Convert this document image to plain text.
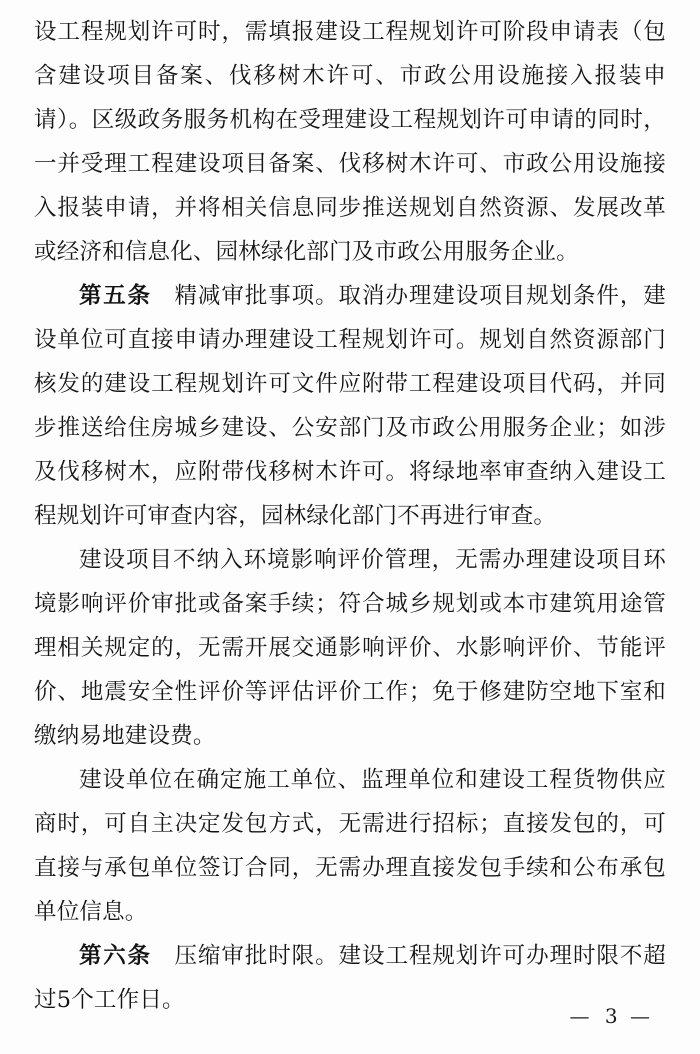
设工程规划许可时，需填报建设工程规划许可阶段申请表（包含建设项目备案、伐移树木许可、市政公用设施接入报装申请）。区级政务服务机构在受理建设工程规划许可申请的同时，一并受理工程建设项目备案、伐移树木许可、市政公用设施接入报装申请，并将相关信息同步推送规划自然资源、发展改革或经济和信息化、园林绿化部门及市政公用服务企业。

第五条 精减审批事项。取消办理建设项目规划条件，建设单位可直接申请办理建设工程规划许可。规划自然资源部门核发的建设工程规划许可文件应附带工程建设项目代码，并同步推送给住房城乡建设、公安部门及市政公用服务企业；如涉及伐移树木，应附带伐移树木许可。将绿地率审查纳入建设工程规划许可审查内容，园林绿化部门不再进行审查。

建设项目不纳入环境影响评价管理，无需办理建设项目环境影响评价审批或备案手续；符合城乡规划或本市建筑用途管理相关规定的，无需开展交通影响评价、水影响评价、节能评价、地震安全性评价等评估评价工作；免于修建防空地下室和缴纳易地建设费。

建设单位在确定施工单位、监理单位和建设工程货物供应商时，可自主决定发包方式，无需进行招标；直接发包的，可直接与承包单位签订合同，无需办理直接发包手续和公布承包单位信息。

第六条 压缩审批时限。建设工程规划许可办理时限不超过5个工作日。

— 3 —
